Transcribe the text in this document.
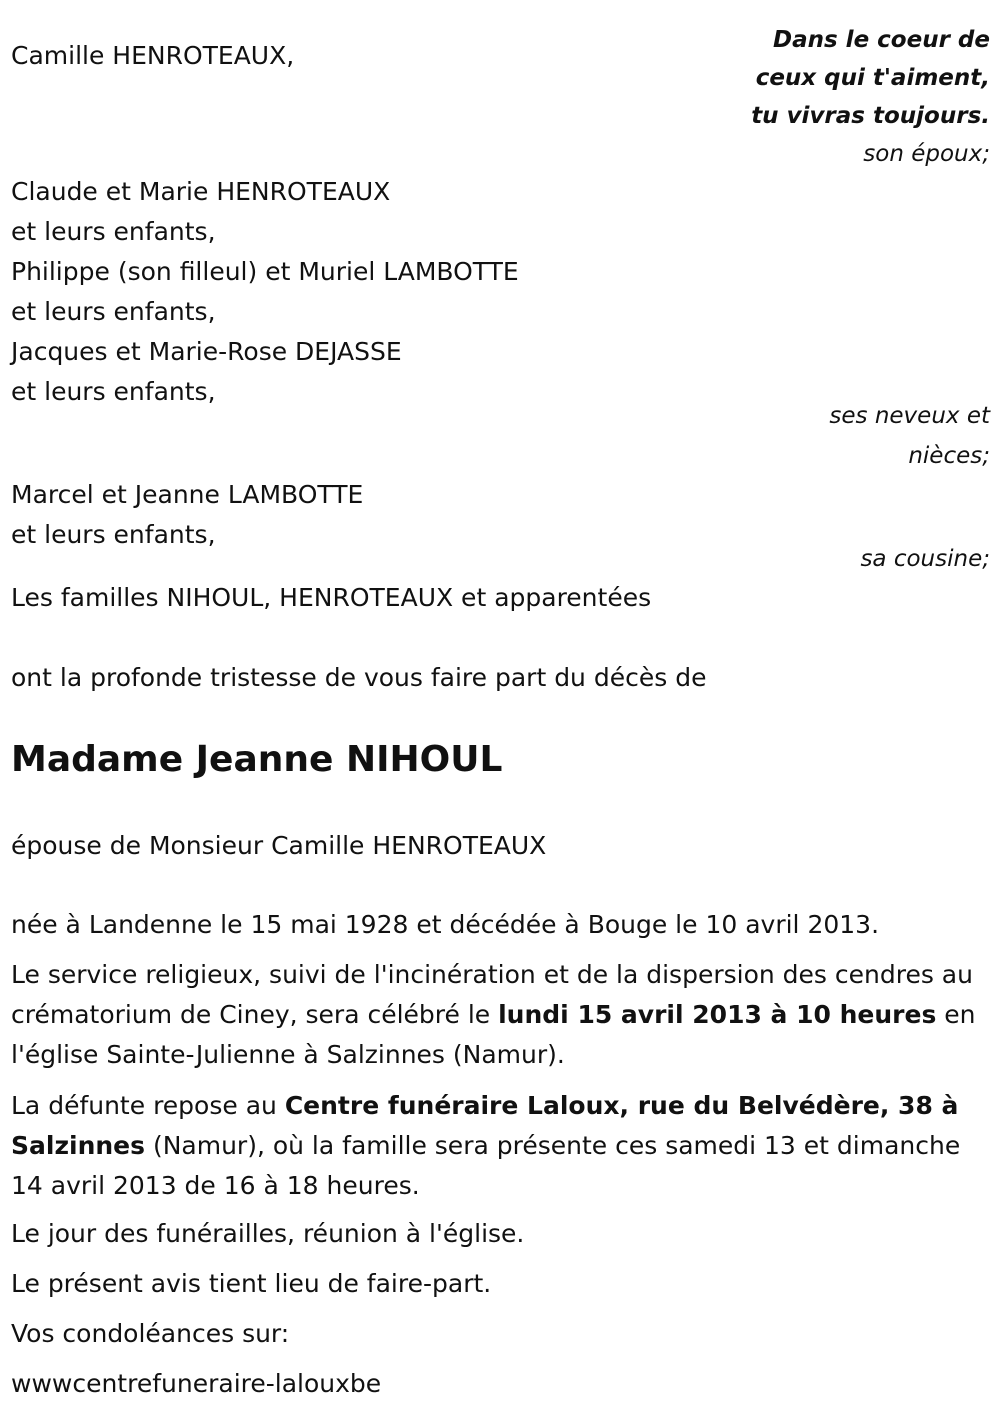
Camille HENROTEAUX,
Dans le coeur de
ceux qui t'aiment,
tu vivras toujours.
son époux;
Claude et Marie HENROTEAUX
et leurs enfants,
Philippe (son filleul) et Muriel LAMBOTTE
et leurs enfants,
Jacques et Marie-Rose DEJASSE
et leurs enfants,
ses neveux et
nièces;
Marcel et Jeanne LAMBOTTE
et leurs enfants,
sa cousine;
Les familles NIHOUL, HENROTEAUX et apparentées
ont la profonde tristesse de vous faire part du décès de
Madame Jeanne NIHOUL
épouse de Monsieur Camille HENROTEAUX
née à Landenne le 15 mai 1928 et décédée à Bouge le 10 avril 2013.
Le service religieux, suivi de l'incinération et de la dispersion des cendres au crématorium de Ciney, sera célébré le lundi 15 avril 2013 à 10 heures en l'église Sainte-Julienne à Salzinnes (Namur).
La défunte repose au Centre funéraire Laloux, rue du Belvédère, 38 à Salzinnes (Namur), où la famille sera présente ces samedi 13 et dimanche 14 avril 2013 de 16 à 18 heures.
Le jour des funérailles, réunion à l'église.
Le présent avis tient lieu de faire-part.
Vos condoléances sur:
wwwcentrefuneraire-lalouxbe
